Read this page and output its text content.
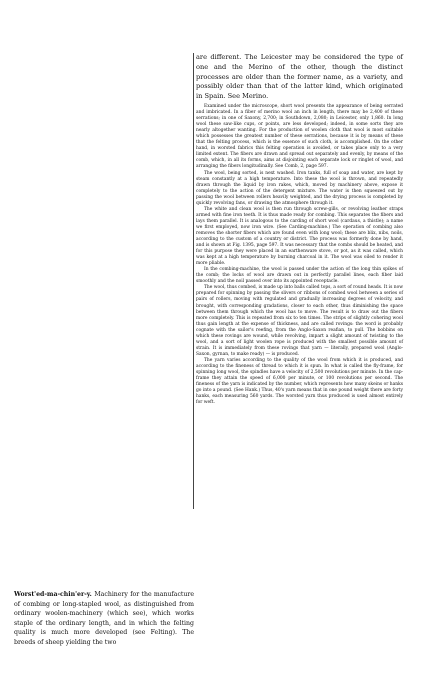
are different. The Leicester may be considered the type of one and the Merino of the other, though the distinct processes are older than the former name, as a variety, and possibly older than that of the latter kind, which originated in Spain. See Merino.

Examined under the microscope, short wool presents the appearance of being serrated and imbricated. In a fiber of merino wool an inch in length, there may be 2,400 of these serrations; in one of Saxony, 2,700; in Southdown, 2,080; in Leicester, only 1,860. In long wool these saw-like cups, or points, are less developed; indeed, in some sorts they are nearly altogether wanting. For the production of woolen cloth that wool is most suitable which possesses the greatest number of these serrations, because it is by means of these that the felting process, which is the essence of such cloth, is accomplished. On the other hand, in worsted fabrics this felting operation is avoided, or takes place only to a very limited extent. The fibers are drawn and spread out separately and evenly, by means of the comb, which, in all its forms, aims at disjointing each separate lock or ringlet of wool, and arranging the fibers longitudinally. See Comb, 2, page 597.

The wool, being sorted, is next washed. Iron tanks, full of soap and water, are kept by steam constantly at a high temperature. Into these the wool is thrown, and repeatedly drawn through the liquid by iron rakes, which, moved by machinery above, expose it completely to the action of the detergent mixture. The water is then squeezed out by passing the wool between rollers heavily weighted, and the drying process is completed by quickly revolving fans, or drawing the atmosphere through it.

The white and clean wool is then run through screw-gills, or revolving leather straps armed with fine iron teeth. It is thus made ready for combing. This separates the fibers and lays them parallel. It is analogous to the carding of short wool (cardaus, a thistle); a name we first employed, now iron wire. (See Carding-machine.) The operation of combing also removes the shorter fibers which are found even with long wool; these are blix, nibs, noils, according to the custom of a country or district. The process was formerly done by hand, and is shown at Fig. 1395, page 597. It was necessary that the combs should be heated, and for this purpose they were placed in an earthenware stove, or pot, as it was called, which was kept at a high temperature by burning charcoal in it. The wool was oiled to render it more pliable.

In the combing-machine, the wool is passed under the action of the long thin spikes of the comb; the locks of wool are drawn out in perfectly parallel lines, each fiber laid smoothly and the noil passed over into its appointed receptacle.

The wool, thus combed, is made up into balls called tops, a sort of round heads. It is now prepared for spinning by passing the slivers or ribbons of combed wool between a series of pairs of rollers, moving with regulated and gradually increasing degrees of velocity, and brought, with corresponding gradations, closer to each other, thus diminishing the space between them through which the wool has to move. The result is to draw out the fibers more completely. This is repeated from six to ten times. The strips of slightly cohering wool thus gain length at the expense of thickness, and are called rovings: the word is probably cognate with the sailor's reefing, from the Anglo-Saxon reafian, to pull. The bobbins on which these rovings are wound, while revolving, impart a slight amount of twisting to the wool, and a sort of light woolen rope is produced with the smallest possible amount of strain. It is immediately from these rovings that yarn — literally, prepared wool (Anglo-Saxon, gyrnan, to make ready) — is produced.

The yarn varies according to the quality of the wool from which it is produced, and according to the fineness of thread to which it is spun. In what is called the fly-frame, for spinning long wool, the spindles have a velocity of 2,500 revolutions per minute. In the cap-frame they attain the speed of 6,000 per minute, or 100 revolutions per second. The fineness of the yarn is indicated by the number, which represents how many skeins or hanks go into a pound. (See Hank.) Thus, 40's yarn means that in one pound weight there are forty hanks, each measuring 560 yards. The worsted yarn thus produced is used almost entirely for weft.

Worst'ed-ma-chin'er-y. Machinery for the manufacture of combing or long-stapled wool, as distinguished from ordinary woolen-machinery (which see), which works staple of the ordinary length, and in which the felting quality is much more developed (see Felting). The breeds of sheep yielding the two
